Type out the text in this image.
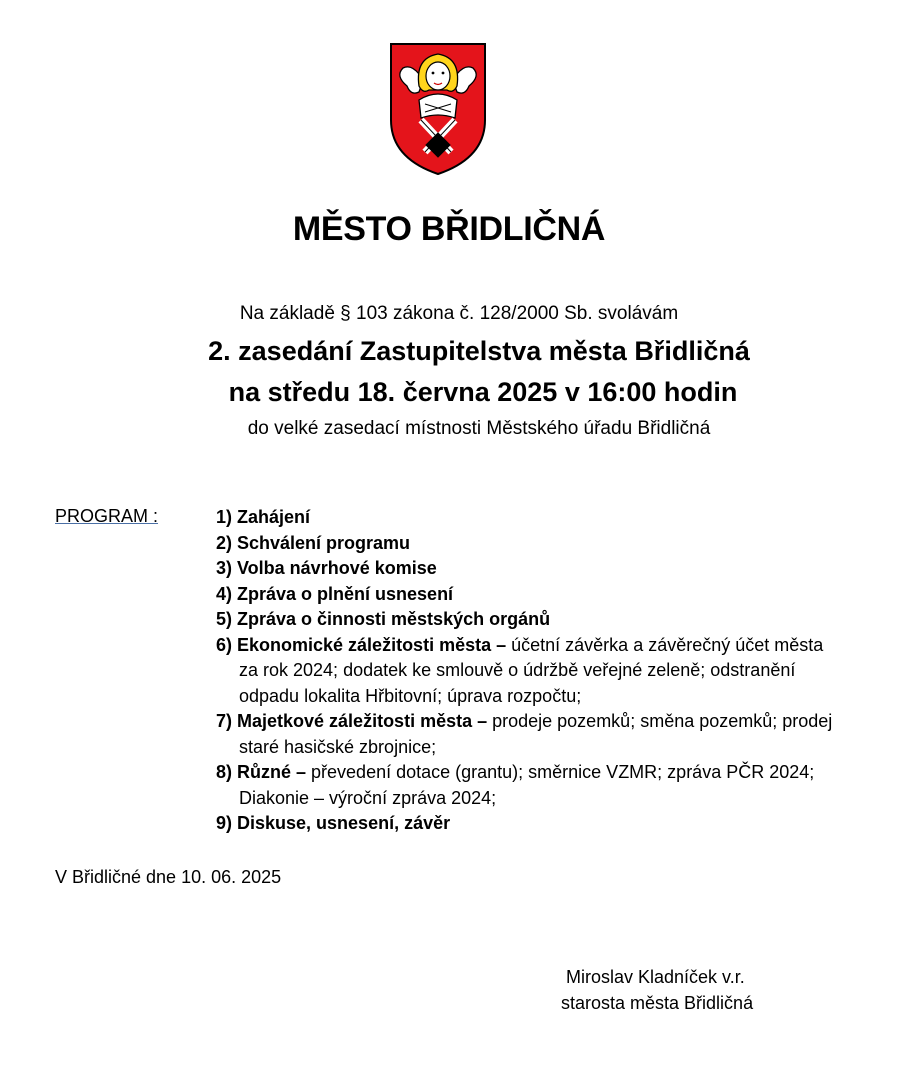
MĚSTO BŘIDLIČNÁ
Na základě § 103 zákona č. 128/2000 Sb. svolávám
2. zasedání Zastupitelstva města Břidličná
na středu 18. června 2025 v 16:00 hodin
do velké zasedací místnosti Městského úřadu Břidličná
PROGRAM :	1) Zahájení
2) Schválení programu
3) Volba návrhové komise
4) Zpráva o plnění usnesení
5) Zpráva o činnosti městských orgánů
6) Ekonomické záležitosti města – účetní závěrka a závěrečný účet města
za rok 2024; dodatek ke smlouvě o údržbě veřejné zeleně; odstranění
odpadu lokalita Hřbitovní; úprava rozpočtu;
7) Majetkové záležitosti města – prodeje pozemků; směna pozemků; prodej
staré hasičské zbrojnice;
8) Různé – převedení dotace (grantu); směrnice VZMR; zpráva PČR 2024;
Diakonie – výroční zpráva 2024;
9) Diskuse, usnesení, závěr
V Břidličné dne 10. 06. 2025
Miroslav Kladníček v.r.
starosta města Břidličná
